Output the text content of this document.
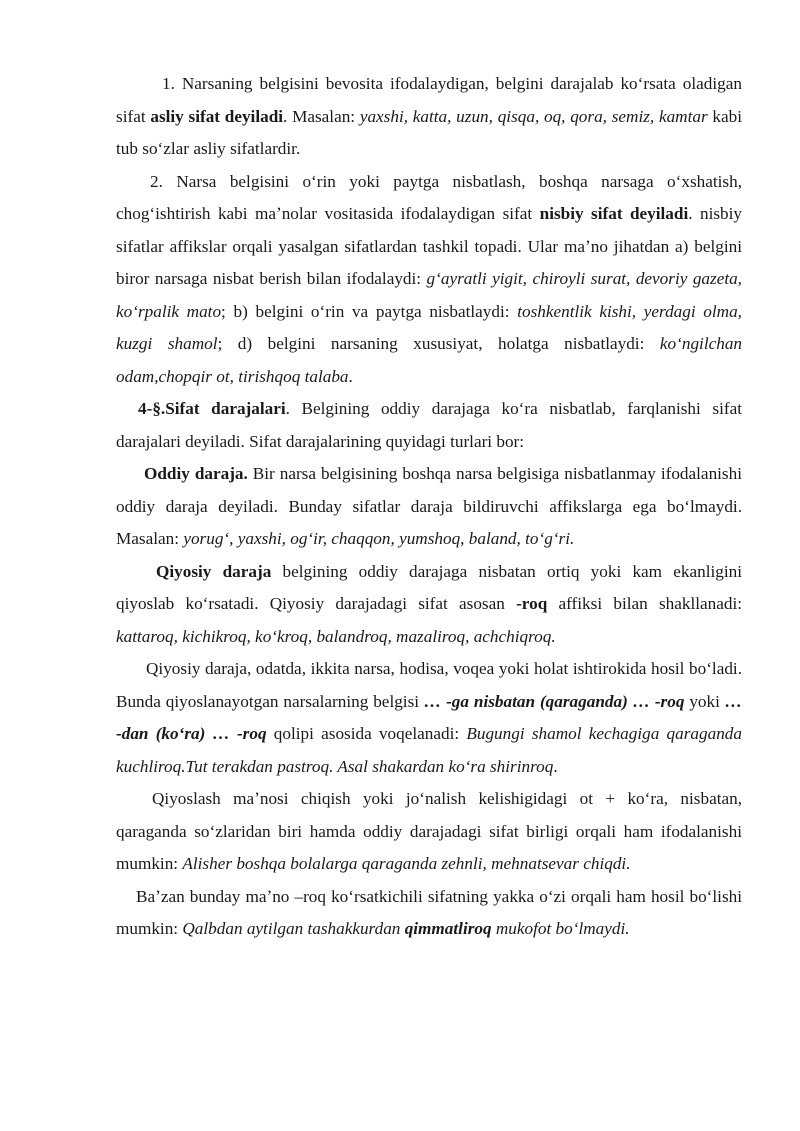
1. Narsaning belgisini bevosita ifodalaydigan, belgini darajalab koʻrsata oladigan sifat asliy sifat deyiladi. Masalan: yaxshi, katta, uzun, qisqa, oq, qora, semiz, kamtar kabi tub soʻzlar asliy sifatlardir.

2. Narsa belgisini oʻrin yoki paytga nisbatlash, boshqa narsaga oʻxshatish, chogʻishtirish kabi maʼnolar vositasida ifodalaydigan sifat nisbiy sifat deyiladi. nisbiy sifatlar affikslar orqali yasalgan sifatlardan tashkil topadi. Ular maʼno jihatdan a) belgini biror narsaga nisbat berish bilan ifodalaydi: gʻayratli yigit, chiroyli surat, devoriy gazeta, koʻrpalik mato; b) belgini oʻrin va paytga nisbatlaydi: toshkentlik kishi, yerdagi olma, kuzgi shamol; d) belgini narsaning xususiyat, holatga nisbatlaydi: koʻngilchan odam,chopqir ot, tirishqoq talaba.

4-§.Sifat darajalari. Belgining oddiy darajaga koʻra nisbatlab, farqlanishi sifat darajalari deyiladi. Sifat darajalarining quyidagi turlari bor:

Oddiy daraja. Bir narsa belgisining boshqa narsa belgisiga nisbatlanmay ifodalanishi oddiy daraja deyiladi. Bunday sifatlar daraja bildiruvchi affikslarga ega boʻlmaydi. Masalan: yorugʻ, yaxshi, ogʻir, chaqqon, yumshoq, baland, toʻgʻri.

Qiyosiy daraja belgining oddiy darajaga nisbatan ortiq yoki kam ekanligini qiyoslab koʻrsatadi. Qiyosiy darajadagi sifat asosan -roq affiksi bilan shakllanadi: kattaroq, kichikroq, koʻkroq, balandroq, mazaliroq, achchiqroq.

Qiyosiy daraja, odatda, ikkita narsa, hodisa, voqea yoki holat ishtirokida hosil boʻladi. Bunda qiyoslanayotgan narsalarning belgisi … -ga nisbatan (qaraganda) … -roq yoki … -dan (koʻra) … -roq qolipi asosida voqelanadi: Bugungi shamol kechagiga qaraganda kuchliroq.Tut terakdan pastroq. Asal shakardan koʻra shirinroq.

Qiyoslash maʼnosi chiqish yoki joʻnalish kelishigidagi ot + koʻra, nisbatan, qaraganda soʻzlaridan biri hamda oddiy darajadagi sifat birligi orqali ham ifodalanishi mumkin: Alisher boshqa bolalarga qaraganda zehnli, mehnatsevar chiqdi.

Baʼzan bunday maʼno –roq koʻrsatkichili sifatning yakka oʻzi orqali ham hosil boʻlishi mumkin: Qalbdan aytilgan tashakkurdan qimmatliroq mukofot boʻlmaydi.
